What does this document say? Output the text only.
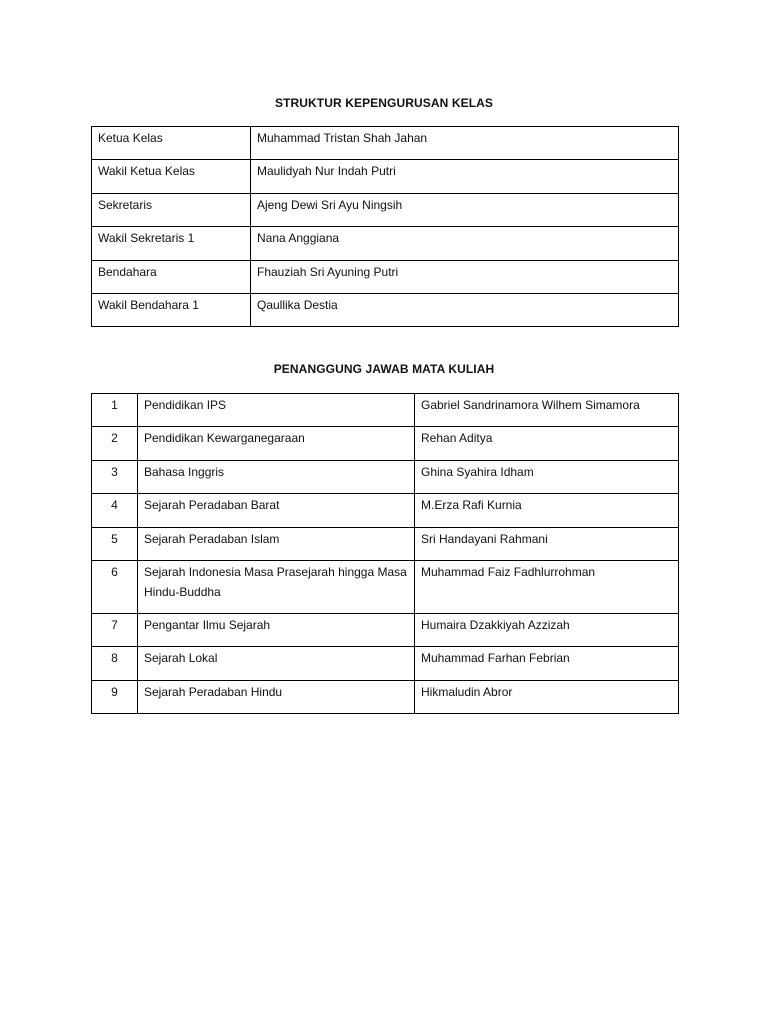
STRUKTUR KEPENGURUSAN KELAS
Ketua Kelas	Muhammad Tristan Shah Jahan
Wakil Ketua Kelas	Maulidyah Nur Indah Putri
Sekretaris	Ajeng Dewi Sri Ayu Ningsih
Wakil Sekretaris 1	Nana Anggiana
Bendahara	Fhauziah Sri Ayuning Putri
Wakil Bendahara 1	Qaullika Destia
PENANGGUNG JAWAB MATA KULIAH
1	Pendidikan IPS	Gabriel Sandrinamora Wilhem Simamora
2	Pendidikan Kewarganegaraan	Rehan Aditya
3	Bahasa Inggris	Ghina Syahira Idham
4	Sejarah Peradaban Barat	M.Erza Rafi Kurnia
5	Sejarah Peradaban Islam	Sri Handayani Rahmani
6	Sejarah Indonesia Masa Prasejarah hingga Masa Hindu-Buddha	Muhammad Faiz Fadhlurrohman
7	Pengantar Ilmu Sejarah	Humaira Dzakkiyah Azzizah
8	Sejarah Lokal	Muhammad Farhan Febrian
9	Sejarah Peradaban Hindu	Hikmaludin Abror
